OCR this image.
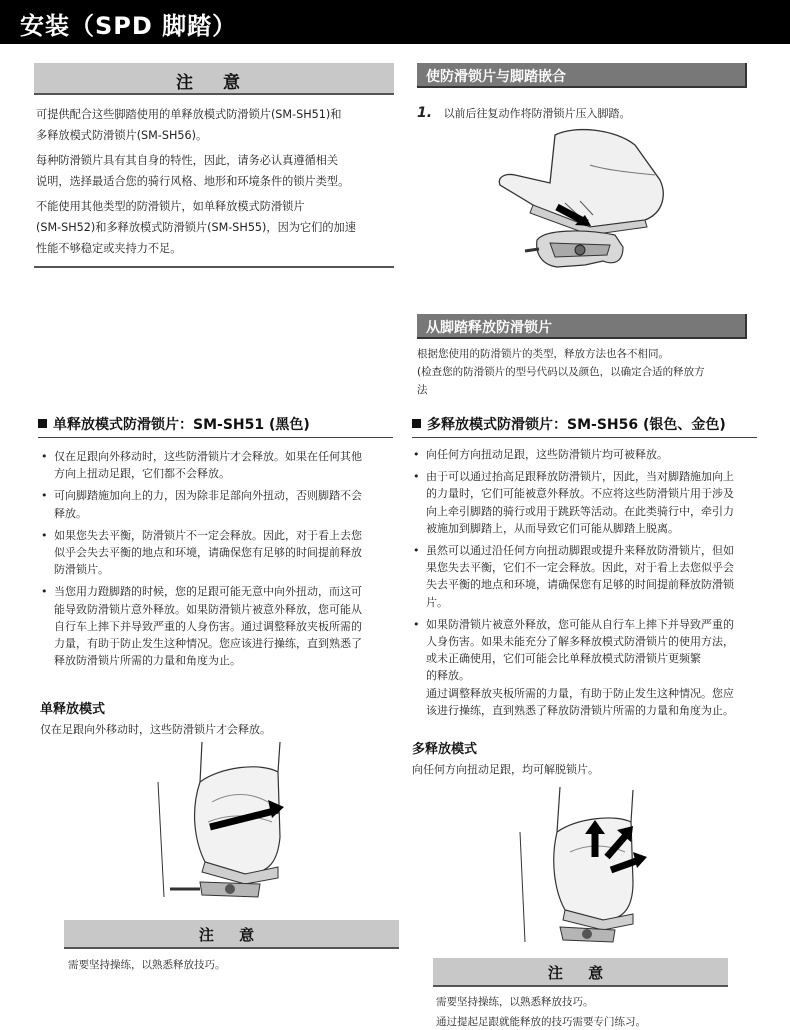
安装（SPD 脚踏）
注 意

可提供配合这些脚踏使用的单释放模式防滑锁片(SM-SH51)和

多释放模式防滑锁片(SM-SH56)。

每种防滑锁片具有其自身的特性，因此，请务必认真遵循相关

说明，选择最适合您的骑行风格、地形和环境条件的锁片类型。

不能使用其他类型的防滑锁片，如单释放模式防滑锁片

(SM-SH52)和多释放模式防滑锁片(SM-SH55)，因为它们的加速

性能不够稳定或夹持力不足。

使防滑锁片与脚踏嵌合
1. 以前后往复动作将防滑锁片压入脚踏。
从脚踏释放防滑锁片

根据您使用的防滑锁片的类型，释放方法也各不相同。

(检查您的防滑锁片的型号代码以及颜色，以确定合适的释放方

法

单释放模式防滑锁片：SM-SH51 (黑色)
• 仅在足跟向外移动时，这些防滑锁片才会释放。如果在任何其他
方向上扭动足跟，它们都不会释放。
• 可向脚踏施加向上的力，因为除非足部向外扭动，否则脚踏不会
释放。
• 如果您失去平衡，防滑锁片不一定会释放。因此，对于看上去您
似乎会失去平衡的地点和环境，请确保您有足够的时间提前释放
防滑锁片。
• 当您用力蹬脚踏的时候，您的足跟可能无意中向外扭动，而这可
能导致防滑锁片意外释放。如果防滑锁片被意外释放，您可能从
自行车上摔下并导致严重的人身伤害。通过调整释放夹板所需的
力量，有助于防止发生这种情况。您应该进行操练，直到熟悉了
释放防滑锁片所需的力量和角度为止。
单释放模式
仅在足跟向外移动时，这些防滑锁片才会释放。
注 意
需要坚持操练，以熟悉释放技巧。
多释放模式防滑锁片：SM-SH56 (银色、金色)
• 向任何方向扭动足跟，这些防滑锁片均可被释放。
• 由于可以通过抬高足跟释放防滑锁片，因此，当对脚踏施加向上
的力量时，它们可能被意外释放。不应将这些防滑锁片用于涉及
向上牵引脚踏的骑行或用于跳跃等活动。在此类骑行中，牵引力
被施加到脚踏上，从而导致它们可能从脚踏上脱离。
• 虽然可以通过沿任何方向扭动脚跟或提升来释放防滑锁片，但如
果您失去平衡，它们不一定会释放。因此，对于看上去您似乎会
失去平衡的地点和环境，请确保您有足够的时间提前释放防滑锁
片。
• 如果防滑锁片被意外释放，您可能从自行车上摔下并导致严重的
人身伤害。如果未能充分了解多释放模式防滑锁片的使用方法，
或未正确使用，它们可能会比单释放模式防滑锁片更频繁
的释放。
通过调整释放夹板所需的力量，有助于防止发生这种情况。您应
该进行操练，直到熟悉了释放防滑锁片所需的力量和角度为止。
多释放模式
向任何方向扭动足跟，均可解脱锁片。
注 意

需要坚持操练，以熟悉释放技巧。

通过提起足跟就能释放的技巧需要专门练习。
